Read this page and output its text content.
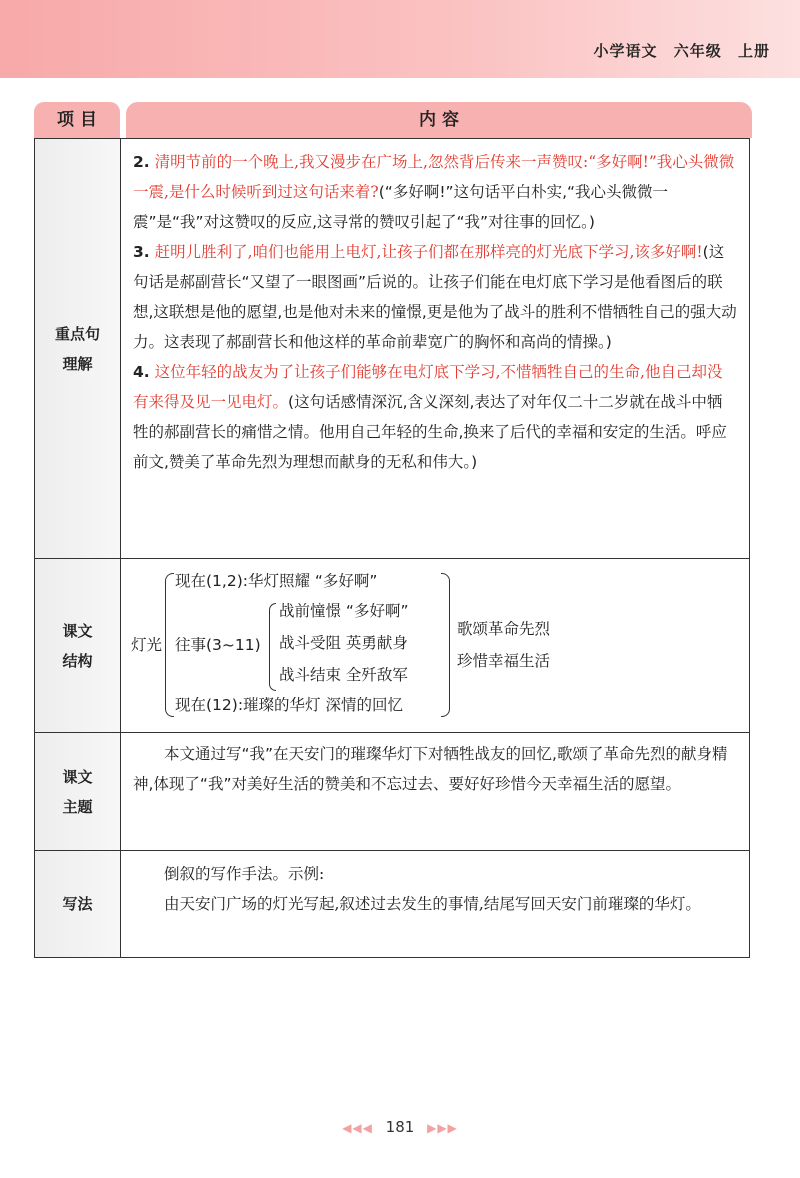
小学语文 六年级 上册
项 目	内 容
重点句
理解

2. 清明节前的一个晚上,我又漫步在广场上,忽然背后传来一声赞叹:“多好啊!”我心头微微一震,是什么时候听到过这句话来着?(“多好啊!”这句话平白朴实,“我心头微微一震”是“我”对这赞叹的反应,这寻常的赞叹引起了“我”对往事的回忆。)

3. 赶明儿胜利了,咱们也能用上电灯,让孩子们都在那样亮的灯光底下学习,该多好啊!(这句话是郝副营长“又望了一眼图画”后说的。让孩子们能在电灯底下学习是他看图后的联想,这联想是他的愿望,也是他对未来的憧憬,更是他为了战斗的胜利不惜牺牲自己的强大动力。这表现了郝副营长和他这样的革命前辈宽广的胸怀和高尚的情操。)

4. 这位年轻的战友为了让孩子们能够在电灯底下学习,不惜牺牲自己的生命,他自己却没有来得及见一见电灯。(这句话感情深沉,含义深刻,表达了对年仅二十二岁就在战斗中牺牲的郝副营长的痛惜之情。他用自己年轻的生命,换来了后代的幸福和安定的生活。呼应前文,赞美了革命先烈为理想而献身的无私和伟大。)

课文
结构
灯光
现在(1,2):华灯照耀 “多好啊”
往事(3~11)
战前憧憬 “多好啊”
战斗受阻 英勇献身
战斗结束 全歼敌军
现在(12):璀璨的华灯 深情的回忆
歌颂革命先烈
珍惜幸福生活
课文
主题

本文通过写“我”在天安门的璀璨华灯下对牺牲战友的回忆,歌颂了革命先烈的献身精神,体现了“我”对美好生活的赞美和不忘过去、要好好珍惜今天幸福生活的愿望。

写法

倒叙的写作手法。示例:

由天安门广场的灯光写起,叙述过去发生的事情,结尾写回天安门前璀璨的华灯。

◀◀◀ 181 ▶▶▶
